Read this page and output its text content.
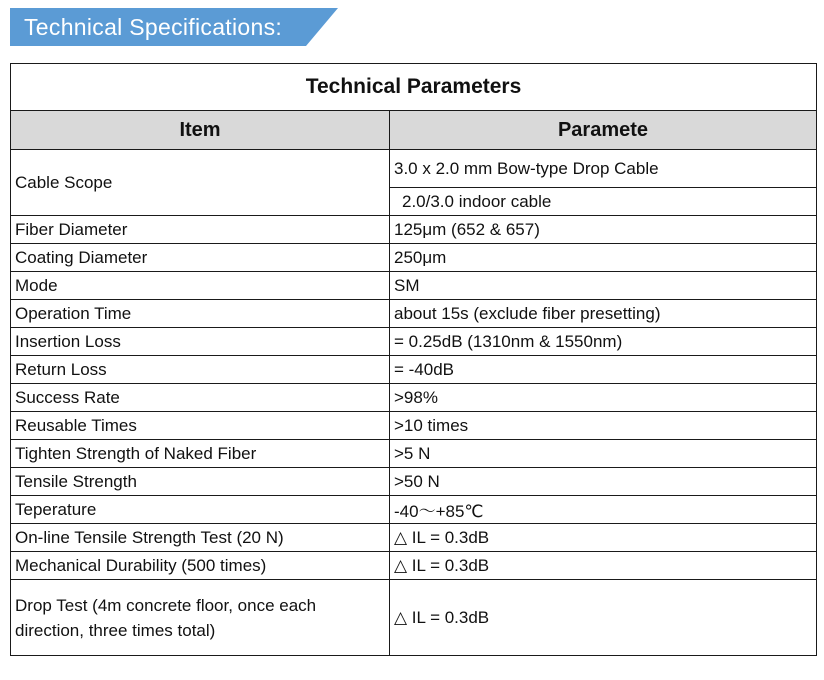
Technical Specifications:
Technical Parameters	
Item	Paramete
Cable Scope	3.0 x 2.0 mm Bow-type Drop Cable
	2.0/3.0 indoor cable
Fiber Diameter	125μm (652 & 657)
Coating Diameter	250μm
Mode	SM
Operation Time	about 15s (exclude fiber presetting)
Insertion Loss	= 0.25dB (1310nm & 1550nm)
Return Loss	= -40dB
Success Rate	>98%
Reusable Times	>10 times
Tighten Strength of Naked Fiber	>5 N
Tensile Strength	>50 N
Teperature	-40～+85℃
On-line Tensile Strength Test (20 N)	△ IL = 0.3dB
Mechanical Durability (500 times)	△ IL = 0.3dB
Drop Test (4m concrete floor, once each direction, three times total)	△ IL = 0.3dB
